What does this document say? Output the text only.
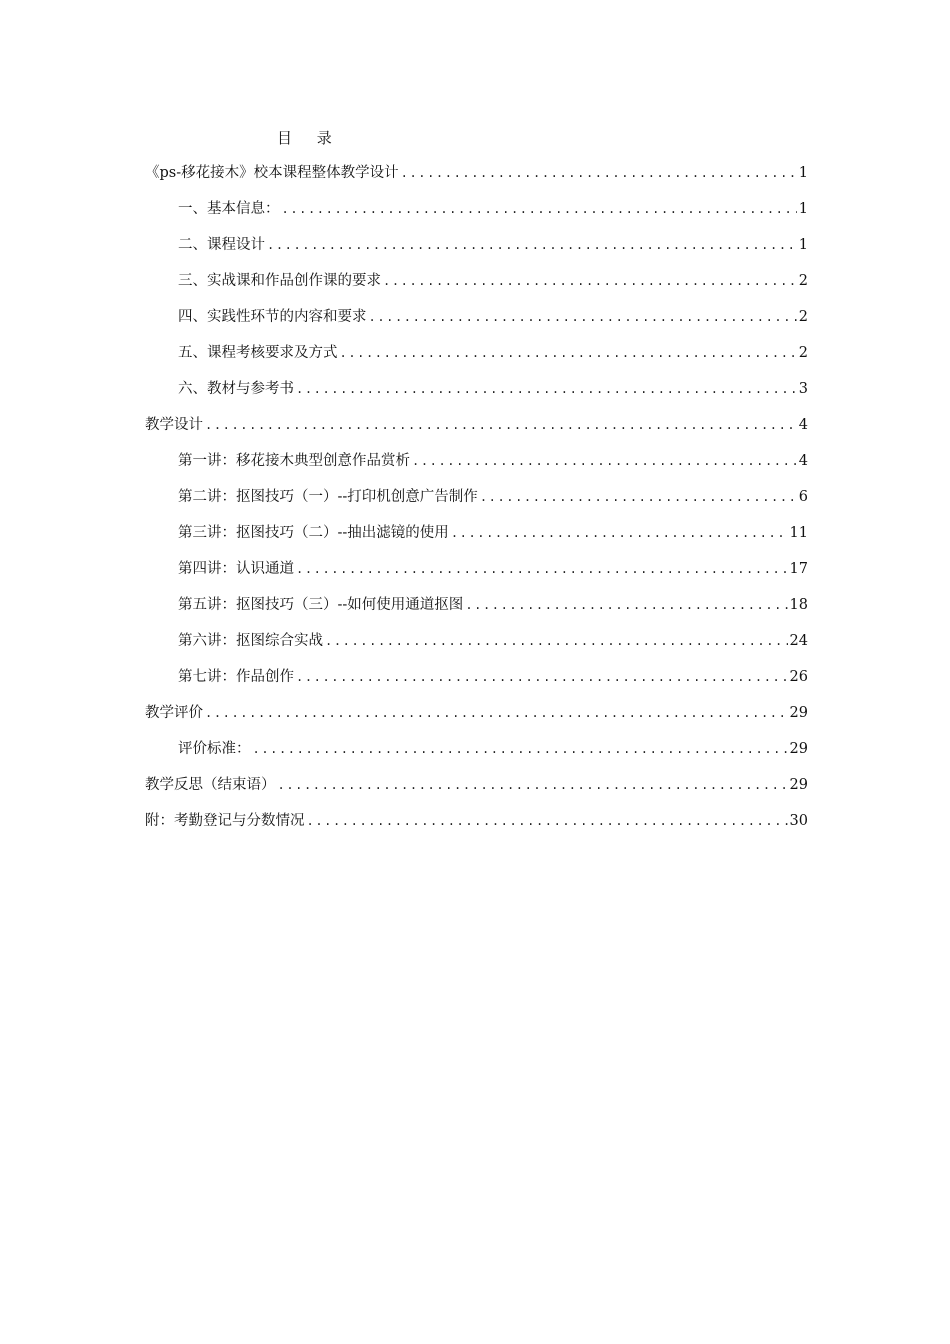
目 录
《ps-移花接木》校本课程整体教学设计 .....	1
一、基本信息： .....	1
二、课程设计 .....	1
三、实战课和作品创作课的要求 .....	2
四、实践性环节的内容和要求 .....	2
五、课程考核要求及方式 .....	2
六、教材与参考书 .....	3
教学设计 .....	4
第一讲：移花接木典型创意作品赏析 .....	4
第二讲：抠图技巧（一）--打印机创意广告制作 .....	6
第三讲：抠图技巧（二）--抽出滤镜的使用 .....	11
第四讲：认识通道 .....	17
第五讲：抠图技巧（三）--如何使用通道抠图 .....	18
第六讲：抠图综合实战 .....	24
第七讲：作品创作 .....	26
教学评价 .....	29
评价标准： .....	29
教学反思（结束语） .....	29
附：考勤登记与分数情况 .....	30
